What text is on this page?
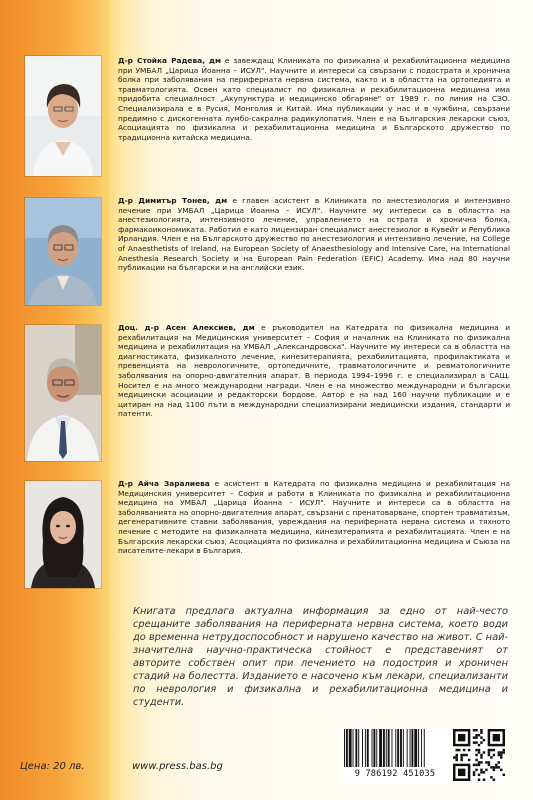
Д-р Стойка Радева, дм е завеждащ Клиниката по физикална и рехабилитационна медицина при УМБАЛ „Царица Йоанна – ИСУЛ". Научните и интереси са свързани с подострата и хронична болка при заболявания на периферната нервна система, както и в областта на ортопедията и травматологията. Освен като специалист по физикална и рехабилитационна медицина има придобита специалност „Акупунктура и медицинско обгаряне" от 1989 г. по линия на СЗО. Специализирала е в Русия, Монголия и Китай. Има публикации у нас и в чужбина, свързани предимно с дискогенната лумбо-сакрална радикулопатия. Член е на Българския лекарски съюз, Асоциацията по физикална и рехабилитационна медицина и Българското дружество по традиционна китайска медицина.
Д-р Димитър Тонев, дм е главен асистент в Клиниката по анестезиология и интензивно лечение при УМБАЛ „Царица Йоанна – ИСУЛ". Научните му интереси са в областта на анестезиологията, интензивното лечение, управлението на острата и хронична болка, фармакоикономиката. Работил е като лицензиран специалист анестезиолог в Кувейт и Република Ирландия. Член е на Българското дружество по анестезиология и интензивно лечение, на College of Anaesthetists of Ireland, на European Society of Anaesthesiology and Intensive Care, на International Anesthesia Research Society и на European Pain Federation (EFIC) Academy. Има над 80 научни публикации на български и на английски език.
Доц. д-р Асен Алексиев, дм е ръководител на Катедрата по физикална медицина и рехабилитация на Медицинския университет – София и началник на Клиниката по физикална медицина и рехабилитация на УМБАЛ „Александровска". Научните му интереси са в областта на диагностиката, физикалното лечение, кинезитерапията, рехабилитацията, профилактиката и превенцията на неврологичните, ортопедичните, травматологичните и ревматологичните заболявания на опорно-двигателния апарат. В периода 1994–1996 г. е специализирал в САЩ. Носител е на много международни награди. Член е на множество международни и български медицински асоциации и редакторски бордове. Автор е на над 160 научни публикации и е цитиран на над 1100 пъти в международни специализирани медицински издания, стандарти и патенти.
Д-р Айча Заралиева е асистент в Катедрата по физикална медицина и рехабилитация на Медицинския университет – София и работи в Клиниката по физикална и рехабилитационна медицина на УМБАЛ „Царица Йоанна – ИСУЛ". Научните и интереси са в областта на заболяванията на опорно-двигателния апарат, свързани с пренатоварване, спортен травматизъм, дегенеративните ставни заболявания, увреждания на периферната нервна система и тяхното лечение с методите на физикалната медицина, кинезитерапията и рехабилитацията. Член е на Българския лекарски съюз, Асоциацията по физикална и рехабилитационна медицина и Съюза на писателите-лекари в България.
Книгата предлага актуална информация за едно от най-често срещаните заболявания на периферната нервна система, което води до временна нетрудоспособност и нарушено качество на живот. С най-значителна научно-практическа стойност е представеният от авторите собствен опит при лечението на подострия и хроничен стадий на болестта. Изданието е насочено към лекари, специализанти по неврология и физикална и рехабилитационна медицина и студенти.
Цена: 20 лв.	www.press.bas.bg
9 786192 451035
